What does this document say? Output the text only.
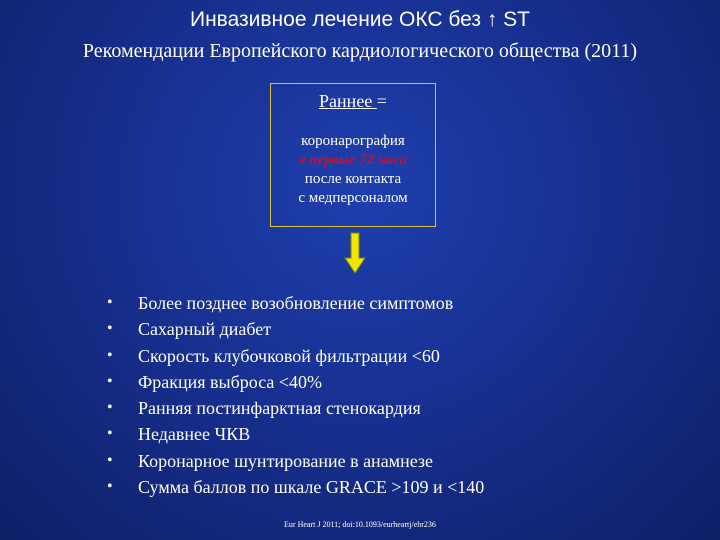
Инвазивное лечение ОКС без ↑ ST
Рекомендации Европейского кардиологического общества (2011)
Раннее =
коронарография
в первые 72 часа
после контакта
с медперсоналом
• Более позднее возобновление симптомов
• Сахарный диабет
• Скорость клубочковой фильтрации <60
• Фракция выброса <40%
• Ранняя постинфарктная стенокардия
• Недавнее ЧКВ
• Коронарное шунтирование в анамнезе
• Сумма баллов по шкале GRACE >109 и <140
Eur Heart J 2011; doi:10.1093/eurheartj/ehr236
